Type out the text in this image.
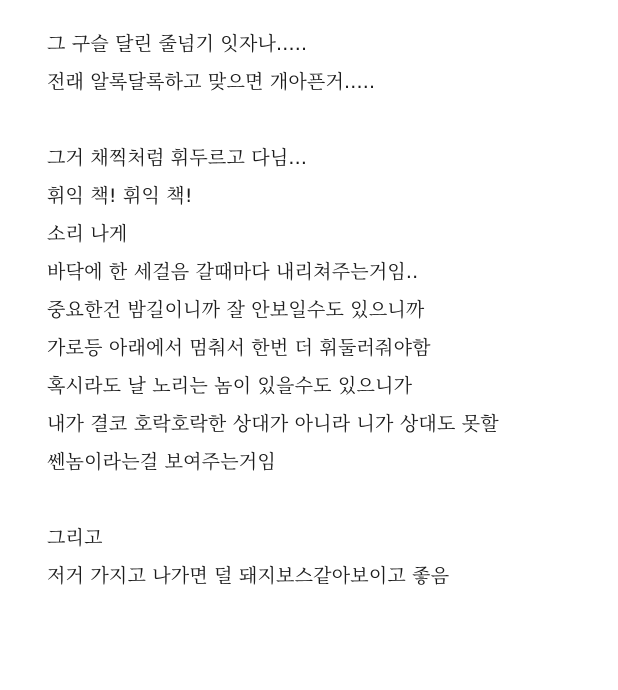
그 구슬 달린 줄넘기 잇자나.....
전래 알록달록하고 맞으면 개아픈거.....
그거 채찍처럼 휘두르고 다님...
휘익 책! 휘익 책!
소리 나게
바닥에 한 세걸음 갈때마다 내리쳐주는거임..
중요한건 밤길이니까 잘 안보일수도 있으니까
가로등 아래에서 멈춰서 한번 더 휘둘러줘야함
혹시라도 날 노리는 놈이 있을수도 있으니가
내가 결코 호락호락한 상대가 아니라 니가 상대도 못할
쎈놈이라는걸 보여주는거임
그리고
저거 가지고 나가면 덜 돼지보스같아보이고 좋음
